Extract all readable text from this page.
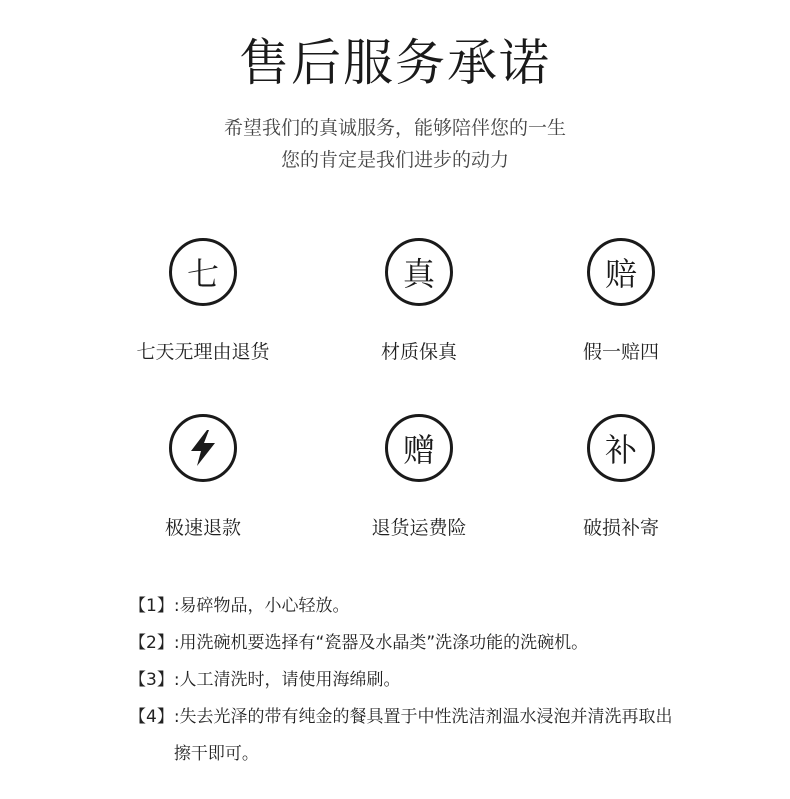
售后服务承诺
希望我们的真诚服务，能够陪伴您的一生
您的肯定是我们进步的动力
七
七天无理由退货
真
材质保真
赔
假一赔四
极速退款
赠
退货运费险
补
破损补寄
【1】 :易碎物品，小心轻放。
【2】 :用洗碗机要选择有“瓷器及水晶类”洗涤功能的洗碗机。
【3】 :人工清洗时，请使用海绵刷。
【4】 :失去光泽的带有纯金的餐具置于中性洗洁剂温水浸泡并清洗再取出擦干即可。
